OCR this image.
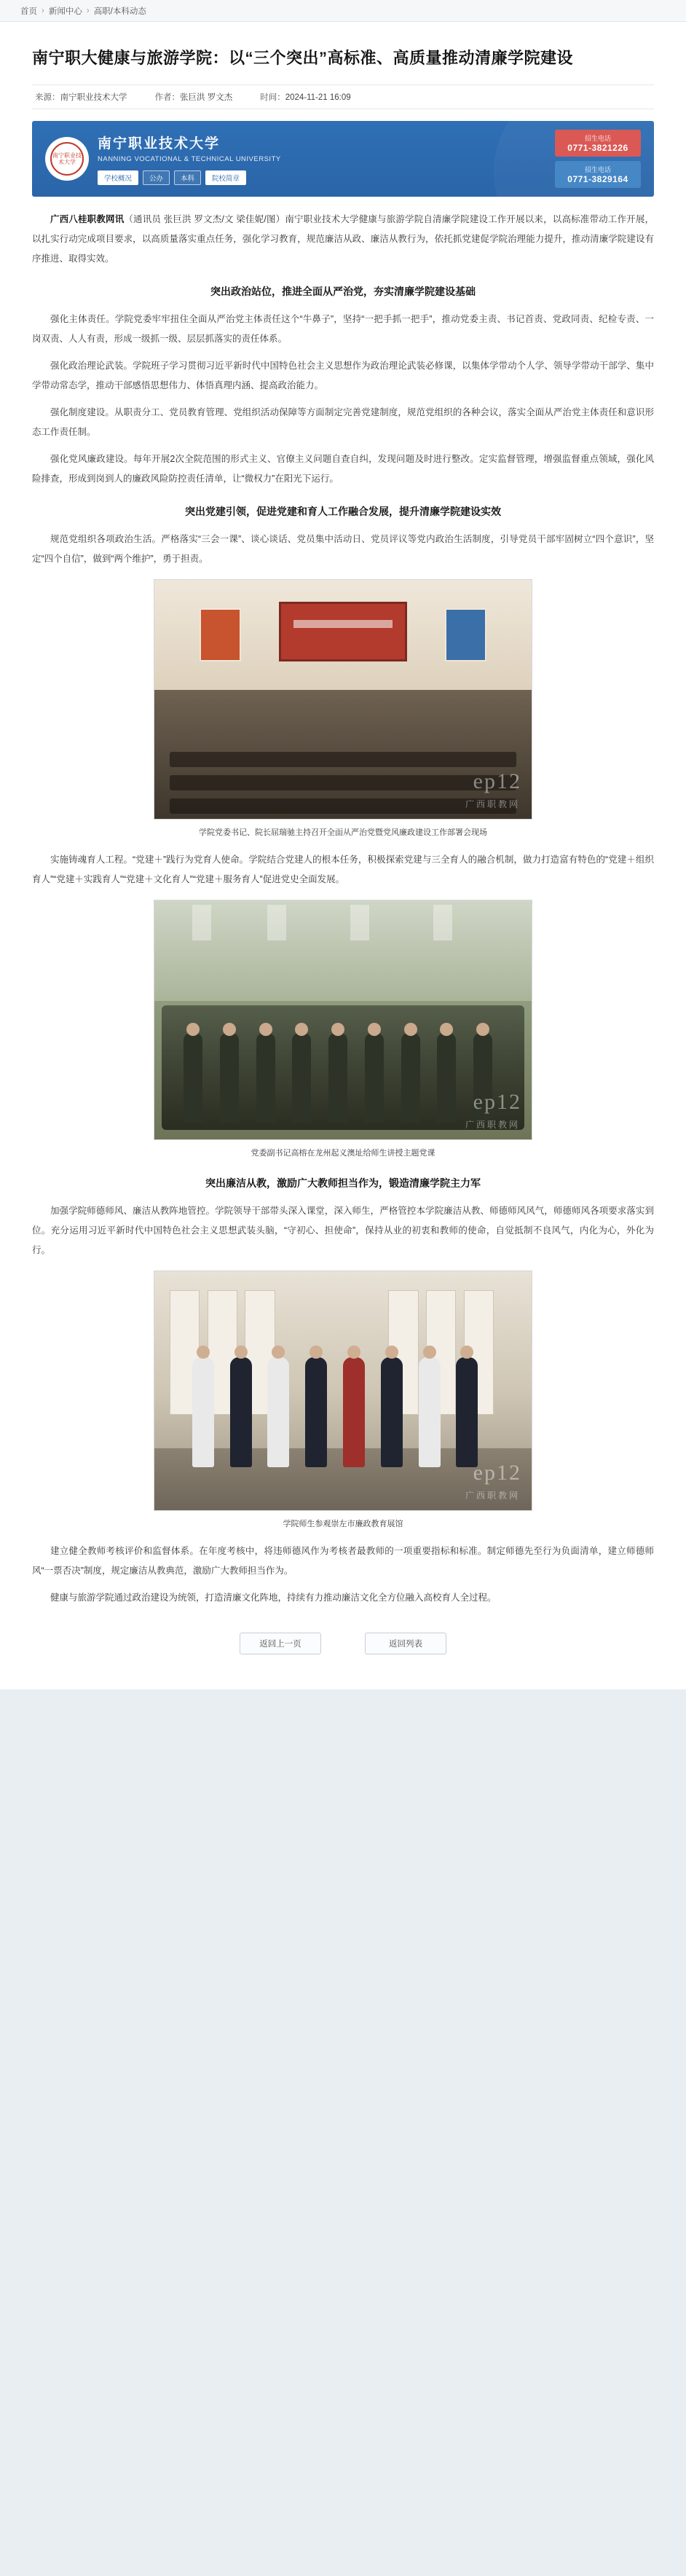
首页 › 新闻中心 › 高职/本科动态
南宁职大健康与旅游学院：以“三个突出”高标准、高质量推动清廉学院建设
来源：南宁职业技术大学	作者：张巨洪 罗文杰	时间：2024-11-21 16:09
南宁职业技术大学
南宁职业技术大学
NANNING VOCATIONAL & TECHNICAL UNIVERSITY
学校概况	公办	本科	院校简章
招生电话
0771-3821226
招生电话
0771-3829164

广西八桂职教网讯（通讯员 张巨洪 罗文杰/文 梁佳妮/图）南宁职业技术大学健康与旅游学院自清廉学院建设工作开展以来，以高标准带动工作开展，以扎实行动完成项目要求，以高质量落实重点任务，强化学习教育，规范廉洁从政、廉洁从教行为，依托抓党建促学院治理能力提升，推动清廉学院建设有序推进、取得实效。

突出政治站位，推进全面从严治党，夯实清廉学院建设基础

强化主体责任。学院党委牢牢扭住全面从严治党主体责任这个“牛鼻子”，坚持“一把手抓一把手”，推动党委主责、书记首责、党政同责、纪检专责、一岗双责、人人有责，形成一级抓一级、层层抓落实的责任体系。

强化政治理论武装。学院班子学习贯彻习近平新时代中国特色社会主义思想作为政治理论武装必修课，以集体学带动个人学、领导学带动干部学、集中学带动常态学，推动干部感悟思想伟力、体悟真理内涵、提高政治能力。

强化制度建设。从职责分工、党员教育管理、党组织活动保障等方面制定完善党建制度，规范党组织的各种会议，落实全面从严治党主体责任和意识形态工作责任制。

强化党风廉政建设。每年开展2次全院范围的形式主义、官僚主义问题自查自纠，发现问题及时进行整改。定实监督管理，增强监督重点领域，强化风险排查，形成到岗到人的廉政风险防控责任清单，让“微权力”在阳光下运行。

突出党建引领，促进党建和育人工作融合发展，提升清廉学院建设实效

规范党组织各项政治生活。严格落实“三会一课”、谈心谈话、党员集中活动日、党员评议等党内政治生活制度，引导党员干部牢固树立“四个意识”，坚定“四个自信”，做到“两个维护”，勇于担责。

ep12
广西职教网
学院党委书记、院长屈瑞驰主持召开全面从严治党暨党风廉政建设工作部署会现场

实施铸魂育人工程。“党建＋”践行为党育人使命。学院结合党建人的根本任务，积极探索党建与三全育人的融合机制，做力打造富有特色的“党建＋组织育人”“党建＋实践育人”“党建＋文化育人”“党建＋服务育人”促进党史全面发展。

ep12
广西职教网
党委副书记高榕在龙州起义澳址给师生讲授主题党课
突出廉洁从教，激励广大教师担当作为，锻造清廉学院主力军

加强学院师德师风、廉洁从教阵地管控。学院领导干部带头深入课堂，深入师生，严格管控本学院廉洁从教、师德师风风气，师德师风各项要求落实到位。充分运用习近平新时代中国特色社会主义思想武装头脑，“守初心、担使命”，保持从业的初衷和教师的使命，自觉抵制不良风气，内化为心，外化为行。

ep12
广西职教网
学院师生参观崇左市廉政教育展馆

建立健全教师考核评价和监督体系。在年度考核中，将违师德风作为考核者最教师的一项重要指标和标准。制定师德先至行为负面清单，建立师德师风“一票否决”制度，规定廉洁从教典范，激励广大教师担当作为。

健康与旅游学院通过政治建设为统领，打造清廉文化阵地，持续有力推动廉洁文化全方位融入高校育人全过程。

返回上一页	返回列表
